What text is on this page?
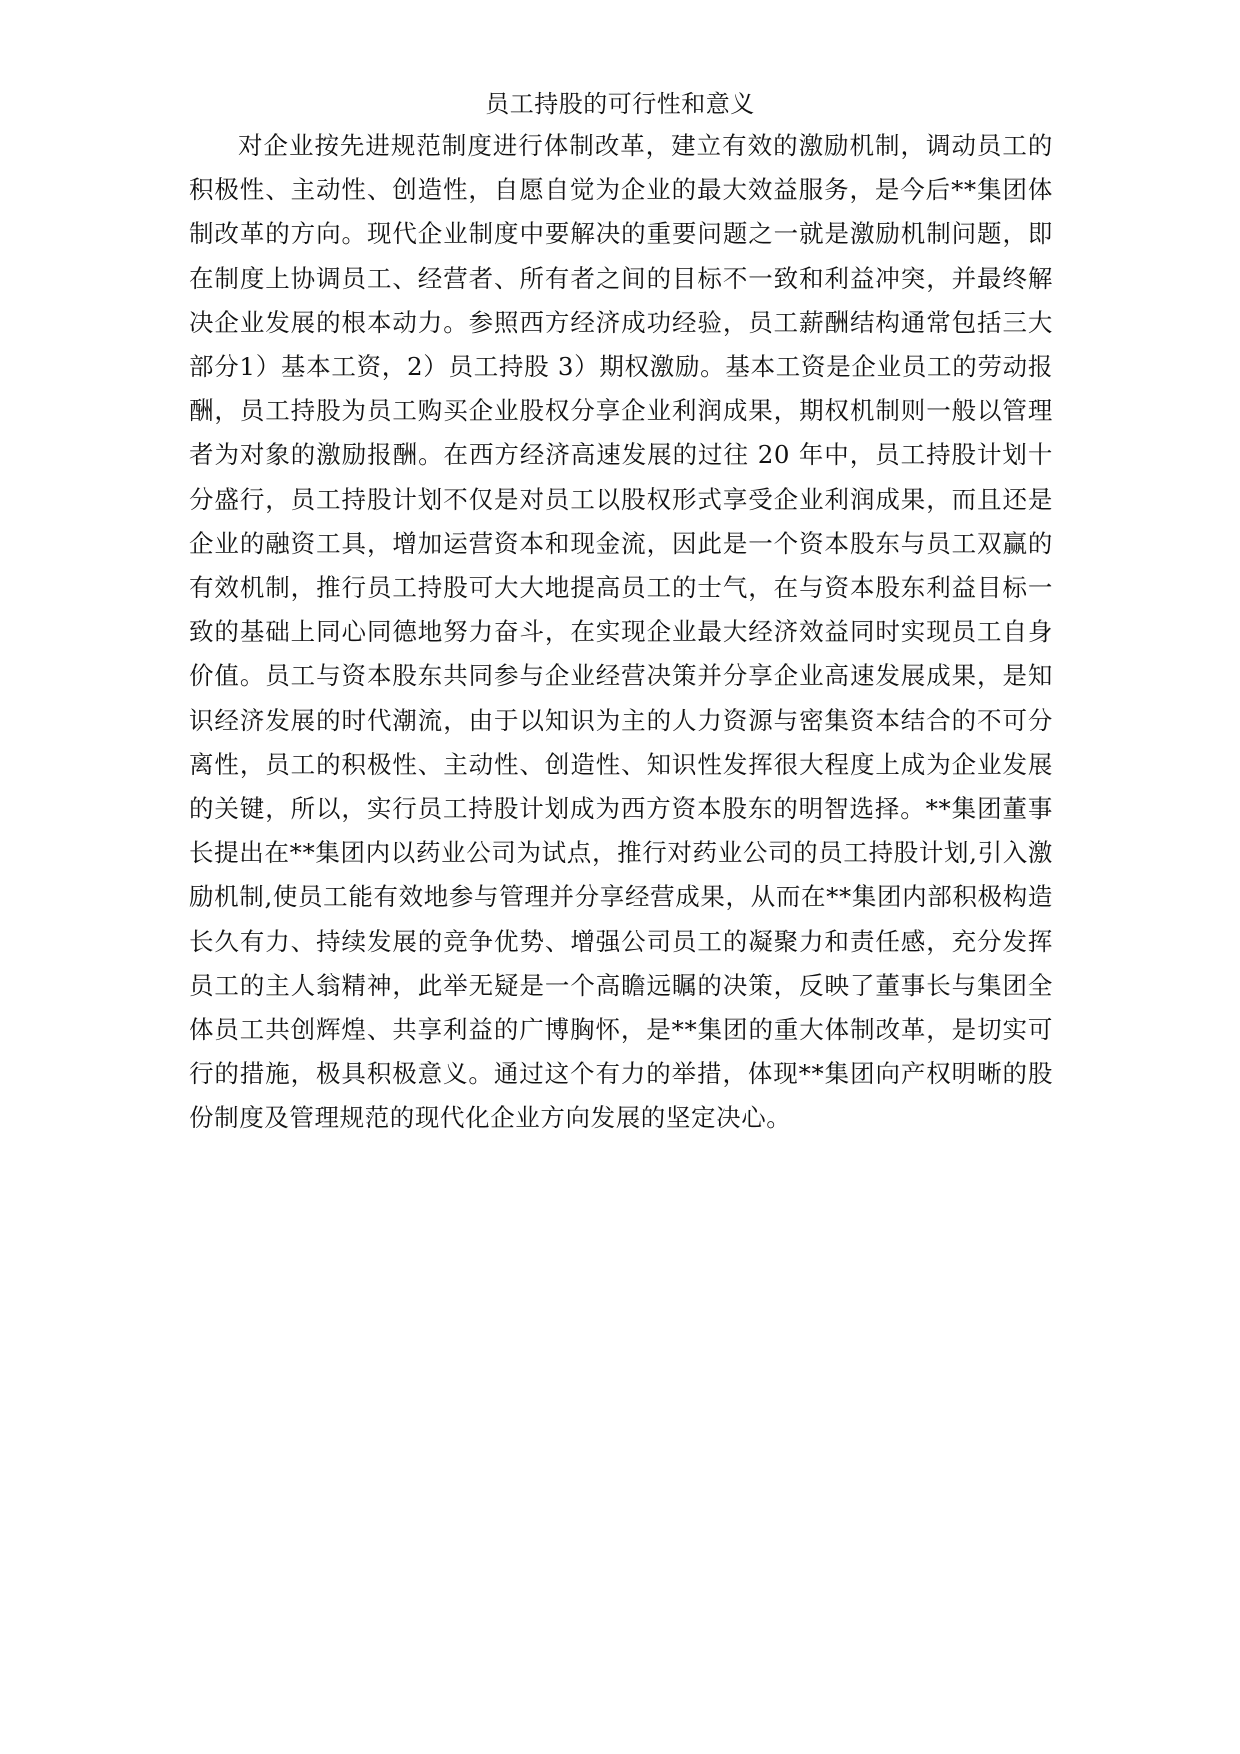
员工持股的可行性和意义

对企业按先进规范制度进行体制改革，建立有效的激励机制，调动员工的积极性、主动性、创造性，自愿自觉为企业的最大效益服务，是今后**集团体制改革的方向。现代企业制度中要解决的重要问题之一就是激励机制问题，即在制度上协调员工、经营者、所有者之间的目标不一致和利益冲突，并最终解决企业发展的根本动力。参照西方经济成功经验，员工薪酬结构通常包括三大部分1）基本工资，2）员工持股 3）期权激励。基本工资是企业员工的劳动报酬，员工持股为员工购买企业股权分享企业利润成果，期权机制则一般以管理者为对象的激励报酬。在西方经济高速发展的过往 20 年中，员工持股计划十分盛行，员工持股计划不仅是对员工以股权形式享受企业利润成果，而且还是企业的融资工具，增加运营资本和现金流，因此是一个资本股东与员工双赢的有效机制，推行员工持股可大大地提高员工的士气，在与资本股东利益目标一致的基础上同心同德地努力奋斗，在实现企业最大经济效益同时实现员工自身价值。员工与资本股东共同参与企业经营决策并分享企业高速发展成果，是知识经济发展的时代潮流，由于以知识为主的人力资源与密集资本结合的不可分离性，员工的积极性、主动性、创造性、知识性发挥很大程度上成为企业发展的关键，所以，实行员工持股计划成为西方资本股东的明智选择。**集团董事长提出在**集团内以药业公司为试点，推行对药业公司的员工持股计划,引入激励机制,使员工能有效地参与管理并分享经营成果，从而在**集团内部积极构造长久有力、持续发展的竞争优势、增强公司员工的凝聚力和责任感，充分发挥员工的主人翁精神，此举无疑是一个高瞻远瞩的决策，反映了董事长与集团全体员工共创辉煌、共享利益的广博胸怀，是**集团的重大体制改革，是切实可行的措施，极具积极意义。通过这个有力的举措，体现**集团向产权明晰的股份制度及管理规范的现代化企业方向发展的坚定决心。
